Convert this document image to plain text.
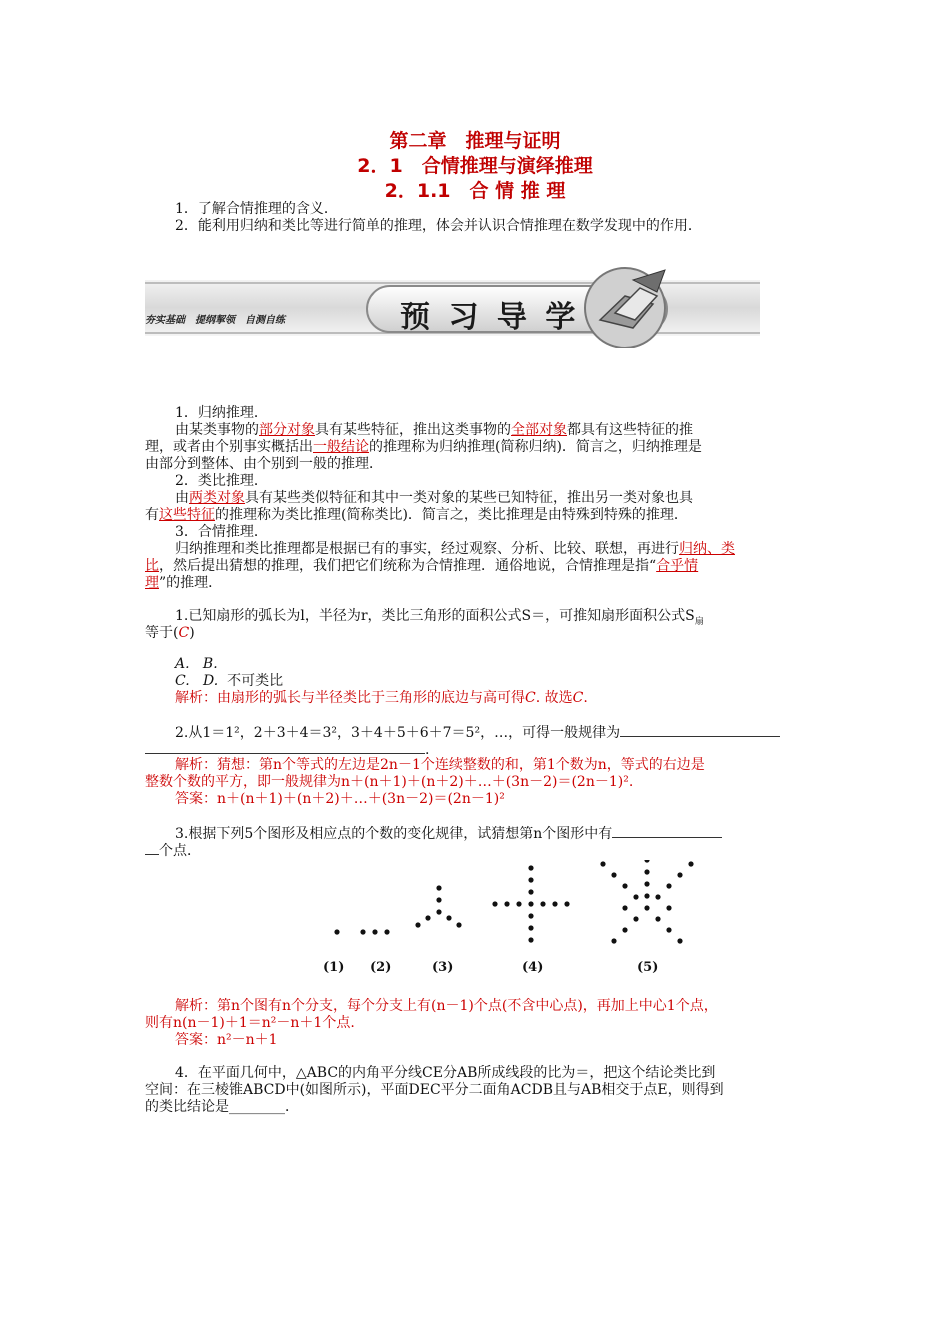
第二章　推理与证明
2．1　合情推理与演绎推理
2．1.1　合 情 推 理
1．了解合情推理的含义．
2．能利用归纳和类比等进行简单的推理，体会并认识合情推理在数学发现中的作用．
夯实基础　提纲挈领　自测自练	预 习 导 学
1．归纳推理．
由某类事物的部分对象具有某些特征，推出这类事物的全部对象都具有这些特征的推
理，或者由个别事实概括出一般结论的推理称为归纳推理(简称归纳)．简言之，归纳推理是
由部分到整体、由个别到一般的推理．
2．类比推理．
由两类对象具有某些类似特征和其中一类对象的某些已知特征，推出另一类对象也具
有这些特征的推理称为类比推理(简称类比)．简言之，类比推理是由特殊到特殊的推理．
3．合情推理．
归纳推理和类比推理都是根据已有的事实，经过观察、分析、比较、联想，再进行归纳、类
比，然后提出猜想的推理，我们把它们统称为合情推理．通俗地说，合情推理是指“合乎情
理”的推理．
1.已知扇形的弧长为l，半径为r，类比三角形的面积公式S＝，可推知扇形面积公式$S_扇$
等于(C)
A. B.
C. D. 不可类比
解析：由扇形的弧长与半径类比于三角形的底边与高可得C. 故选C.
2.从1＝1²，2＋3＋4＝3²，3＋4＋5＋6＋7＝5²，…，可得一般规律为
.
解析：猜想：第n个等式的左边是2n－1个连续整数的和，第1个数为n，等式的右边是
整数个数的平方，即一般规律为n＋(n＋1)＋(n＋2)＋…＋(3n－2)＝(2n－1)².
答案：n＋(n＋1)＋(n＋2)＋…＋(3n－2)＝(2n－1)²
3.根据下列5个图形及相应点的个数的变化规律，试猜想第n个图形中有
个点．
(1) (2)	(3)	(4)	(5)
解析：第n个图有n个分支，每个分支上有(n－1)个点(不含中心点)，再加上中心1个点，
则有n(n－1)＋1＝n²－n＋1个点.
答案：n²－n＋1
4．在平面几何中，△ABC的内角平分线CE分AB所成线段的比为＝，把这个结论类比到
空间：在三棱锥ABCD中(如图所示)，平面DEC平分二面角ACDB且与AB相交于点E，则得到
的类比结论是________．
